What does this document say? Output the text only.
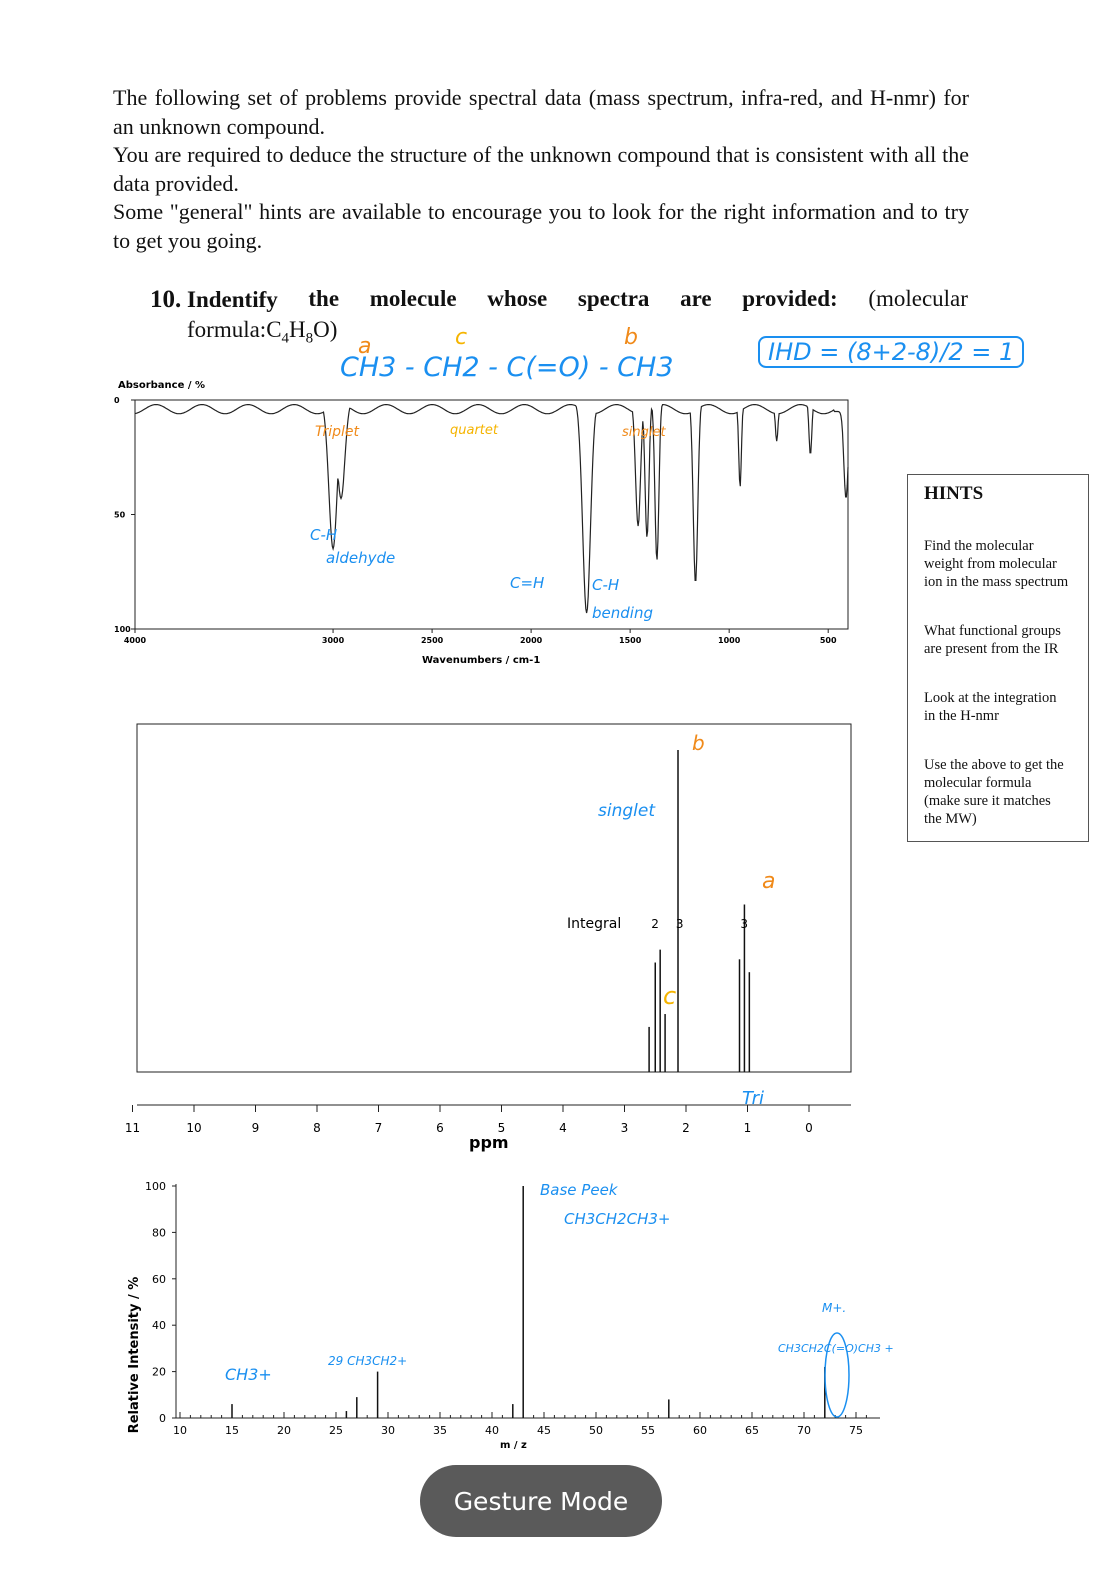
The following set of problems provide spectral data (mass spectrum, infra-red, and H-nmr) for an unknown compound.

You are required to deduce the structure of the unknown compound that is consistent with all the data provided.

Some "general" hints are available to encourage you to look for the right information and to try to get you going.

10. Indentify the molecule whose spectra are provided: (molecular
$formula:C_4H_8O$)
CH3 - CH2 - C(=O) - CH3
a	c	b
IHD = (8+2-8)/2 = 1
Absorbance / %
0
50
100
4000	3000	2500	2000	1500	1000	500
Wavenumbers / cm-1
Triplet	quartet	singlet
C-H
aldehyde
C=H	C-H
bending
HINTS
Find the molecular
weight from molecular
ion in the mass spectrum
What functional groups
are present from the IR
Look at the integration
in the H-nmr
Use the above to get the
molecular formula
(make sure it matches
the MW)
11	10	9	8	7	6	5	4	3	2	1	0
2 3	3
Integral
ppm
singlet
b
a
c
Tri
Relative Intensity / % 0
20
40
60
80
100
10	15	20	25	30	35	40	45	50	55	60	65	70	75
m / z
Base Peek
CH3CH2CH3+
CH3+
29 CH3CH2+
M+.
CH3CH2C(=O)CH3 +
Gesture Mode
